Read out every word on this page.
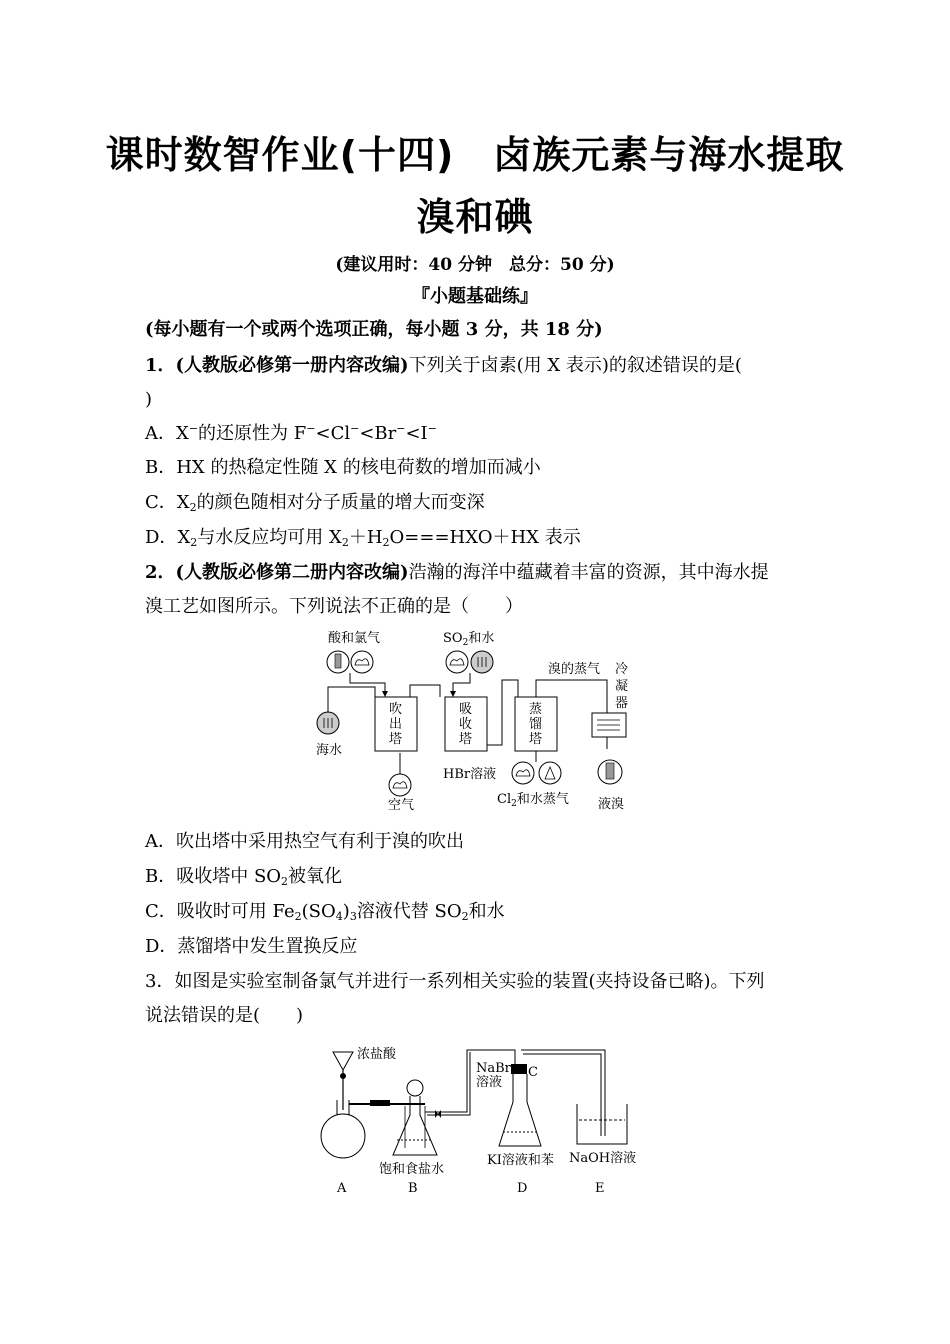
课时数智作业(十四)　卤族元素与海水提取
溴和碘
(建议用时：40 分钟　总分：50 分)
『小题基础练』
(每小题有一个或两个选项正确，每小题 3 分，共 18 分)
1．(人教版必修第一册内容改编)下列关于卤素(用 X 表示)的叙述错误的是(
)
A．X−的还原性为 F−<Cl−<Br−<I−
B．HX 的热稳定性随 X 的核电荷数的增加而减小
C．$X_2$的颜色随相对分子质量的增大而变深
D．$X_2$与水反应均可用 $X_2+H_2O===HXO+HX$ 表示
2．(人教版必修第二册内容改编)浩瀚的海洋中蕴藏着丰富的资源，其中海水提
溴工艺如图所示。下列说法不正确的是（　　）
酸和氯气	$SO_2$和水
海水
吹
出
塔
空气
吸
收
塔
HBr溶液
蒸
馏
塔
$Cl_2$和水蒸气
溴的蒸气 冷
凝
器
液溴
A．吹出塔中采用热空气有利于溴的吹出
B．吸收塔中 $SO_2$被氧化
C．吸收时可用 $Fe_2(SO_4)_3$溶液代替 $SO_2$和水
D．蒸馏塔中发生置换反应
3．如图是实验室制备氯气并进行一系列相关实验的装置(夹持设备已略)。下列
说法错误的是(　　)
浓盐酸
A
饱和食盐水
B
NaBr
溶液
C
KI溶液和苯
D
NaOH溶液
E
